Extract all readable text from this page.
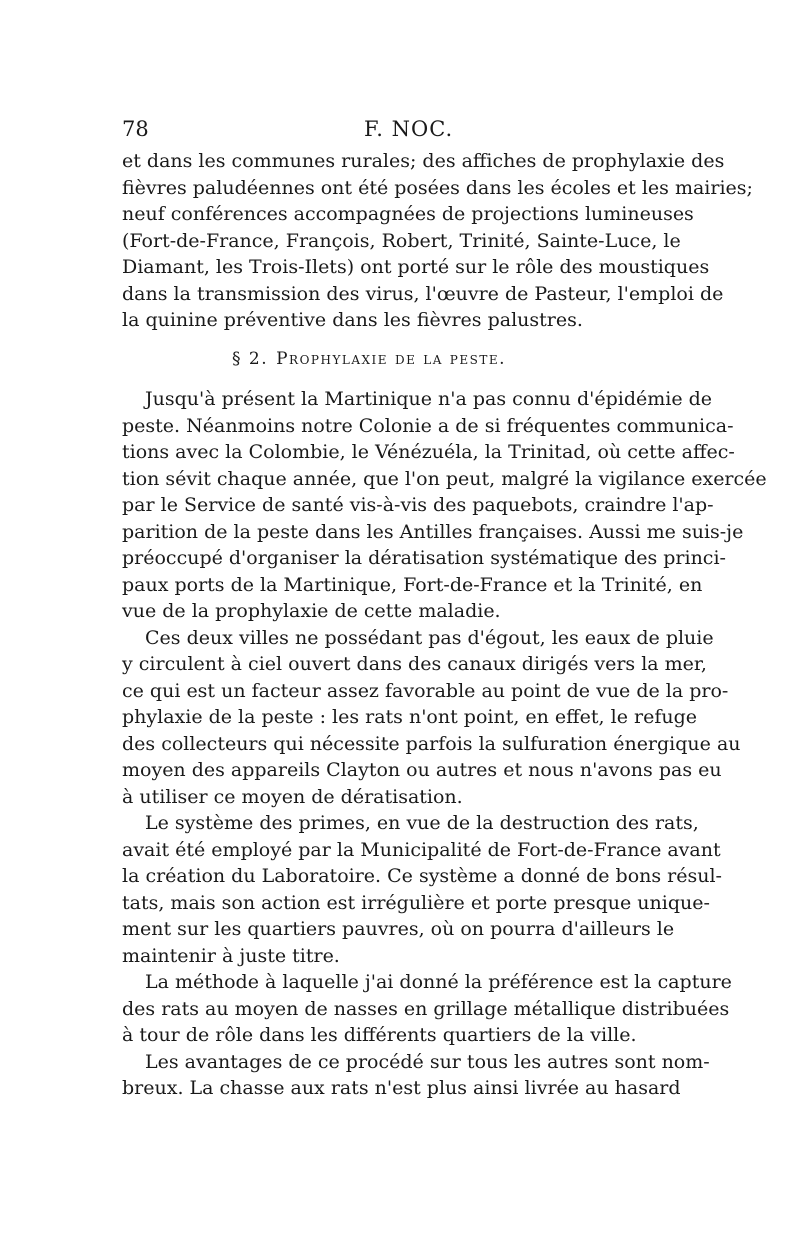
78	F. NOC.
et dans les communes rurales; des affiches de prophylaxie des
fièvres paludéennes ont été posées dans les écoles et les mairies;
neuf conférences accompagnées de projections lumineuses
(Fort-de-France, François, Robert, Trinité, Sainte-Luce, le
Diamant, les Trois-Ilets) ont porté sur le rôle des moustiques
dans la transmission des virus, l'œuvre de Pasteur, l'emploi de
la quinine préventive dans les fièvres palustres.
§ 2. Prophylaxie de la peste.
Jusqu'à présent la Martinique n'a pas connu d'épidémie de
peste. Néanmoins notre Colonie a de si fréquentes communica-
tions avec la Colombie, le Vénézuéla, la Trinitad, où cette affec-
tion sévit chaque année, que l'on peut, malgré la vigilance exercée
par le Service de santé vis-à-vis des paquebots, craindre l'ap-
parition de la peste dans les Antilles françaises. Aussi me suis-je
préoccupé d'organiser la dératisation systématique des princi-
paux ports de la Martinique, Fort-de-France et la Trinité, en
vue de la prophylaxie de cette maladie.
Ces deux villes ne possédant pas d'égout, les eaux de pluie
y circulent à ciel ouvert dans des canaux dirigés vers la mer,
ce qui est un facteur assez favorable au point de vue de la pro-
phylaxie de la peste : les rats n'ont point, en effet, le refuge
des collecteurs qui nécessite parfois la sulfuration énergique au
moyen des appareils Clayton ou autres et nous n'avons pas eu
à utiliser ce moyen de dératisation.
Le système des primes, en vue de la destruction des rats,
avait été employé par la Municipalité de Fort-de-France avant
la création du Laboratoire. Ce système a donné de bons résul-
tats, mais son action est irrégulière et porte presque unique-
ment sur les quartiers pauvres, où on pourra d'ailleurs le
maintenir à juste titre.
La méthode à laquelle j'ai donné la préférence est la capture
des rats au moyen de nasses en grillage métallique distribuées
à tour de rôle dans les différents quartiers de la ville.
Les avantages de ce procédé sur tous les autres sont nom-
breux. La chasse aux rats n'est plus ainsi livrée au hasard
